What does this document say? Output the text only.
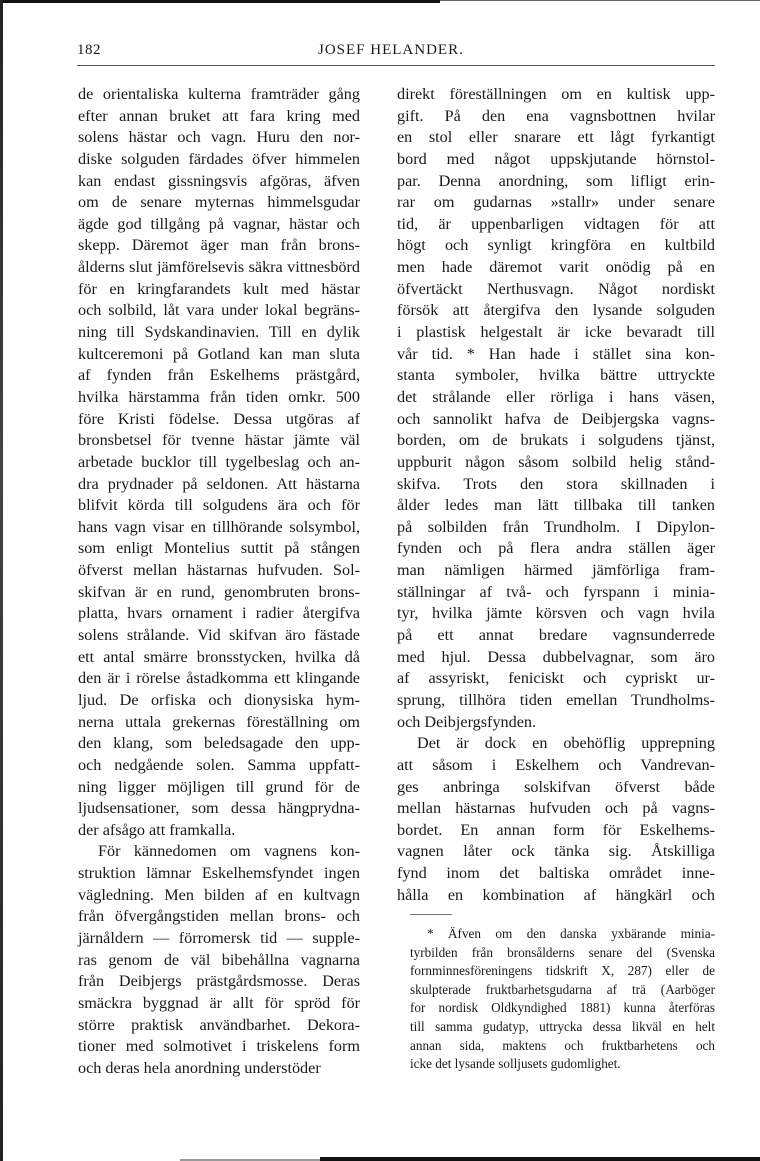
182	JOSEF HELANDER.
de orientaliska kulterna framträder gång
efter annan bruket att fara kring med
solens hästar och vagn. Huru den nor-
diske solguden färdades öfver himmelen
kan endast gissningsvis afgöras, äfven
om de senare myternas himmelsgudar
ägde god tillgång på vagnar, hästar och
skepp. Däremot äger man från brons-
ålderns slut jämförelsevis säkra vittnesbörd
för en kringfarandets kult med hästar
och solbild, låt vara under lokal begräns-
ning till Sydskandinavien. Till en dylik
kultceremoni på Gotland kan man sluta
af fynden från Eskelhems prästgård,
hvilka härstamma från tiden omkr. 500
före Kristi födelse. Dessa utgöras af
bronsbetsel för tvenne hästar jämte väl
arbetade bucklor till tygelbeslag och an-
dra prydnader på seldonen. Att hästarna
blifvit körda till solgudens ära och för
hans vagn visar en tillhörande solsymbol,
som enligt Montelius suttit på stången
öfverst mellan hästarnas hufvuden. Sol-
skifvan är en rund, genombruten brons-
platta, hvars ornament i radier återgifva
solens strålande. Vid skifvan äro fästade
ett antal smärre bronsstycken, hvilka då
den är i rörelse åstadkomma ett klingande
ljud. De orfiska och dionysiska hym-
nerna uttala grekernas föreställning om
den klang, som beledsagade den upp-
och nedgående solen. Samma uppfatt-
ning ligger möjligen till grund för de
ljudsensationer, som dessa hängprydna-
der afsågo att framkalla.
För kännedomen om vagnens kon-
struktion lämnar Eskelhemsfyndet ingen
vägledning. Men bilden af en kultvagn
från öfvergångstiden mellan brons- och
järnåldern — förromersk tid — supple-
ras genom de väl bibehållna vagnarna
från Deibjergs prästgårdsmosse. Deras
smäckra byggnad är allt för spröd för
större praktisk användbarhet. Dekora-
tioner med solmotivet i triskelens form
och deras hela anordning understöder
direkt föreställningen om en kultisk upp-
gift. På den ena vagnsbottnen hvilar
en stol eller snarare ett lågt fyrkantigt
bord med något uppskjutande hörnstol-
par. Denna anordning, som lifligt erin-
rar om gudarnas »stallr» under senare
tid, är uppenbarligen vidtagen för att
högt och synligt kringföra en kultbild
men hade däremot varit onödig på en
öfvertäckt Nerthusvagn. Något nordiskt
försök att återgifva den lysande solguden
i plastisk helgestalt är icke bevaradt till
vår tid. * Han hade i stället sina kon-
stanta symboler, hvilka bättre uttryckte
det strålande eller rörliga i hans väsen,
och sannolikt hafva de Deibjergska vagns-
borden, om de brukats i solgudens tjänst,
uppburit någon såsom solbild helig stånd-
skifva. Trots den stora skillnaden i
ålder ledes man lätt tillbaka till tanken
på solbilden från Trundholm. I Dipylon-
fynden och på flera andra ställen äger
man nämligen härmed jämförliga fram-
ställningar af två- och fyrspann i minia-
tyr, hvilka jämte körsven och vagn hvila
på ett annat bredare vagnsunderrede
med hjul. Dessa dubbelvagnar, som äro
af assyriskt, feniciskt och cypriskt ur-
sprung, tillhöra tiden emellan Trundholms-
och Deibjergsfynden.
Det är dock en obehöflig upprepning
att såsom i Eskelhem och Vandrevan-
ges anbringa solskifvan öfverst både
mellan hästarnas hufvuden och på vagns-
bordet. En annan form för Eskelhems-
vagnen låter ock tänka sig. Åtskilliga
fynd inom det baltiska området inne-
hålla en kombination af hängkärl och
* Äfven om den danska yxbärande minia-
tyrbilden från bronsålderns senare del (Svenska
fornminnesföreningens tidskrift X, 287) eller de
skulpterade fruktbarhetsgudarna af trä (Aarböger
for nordisk Oldkyndighed 1881) kunna återföras
till samma gudatyp, uttrycka dessa likväl en helt
annan sida, maktens och fruktbarhetens och
icke det lysande solljusets gudomlighet.
